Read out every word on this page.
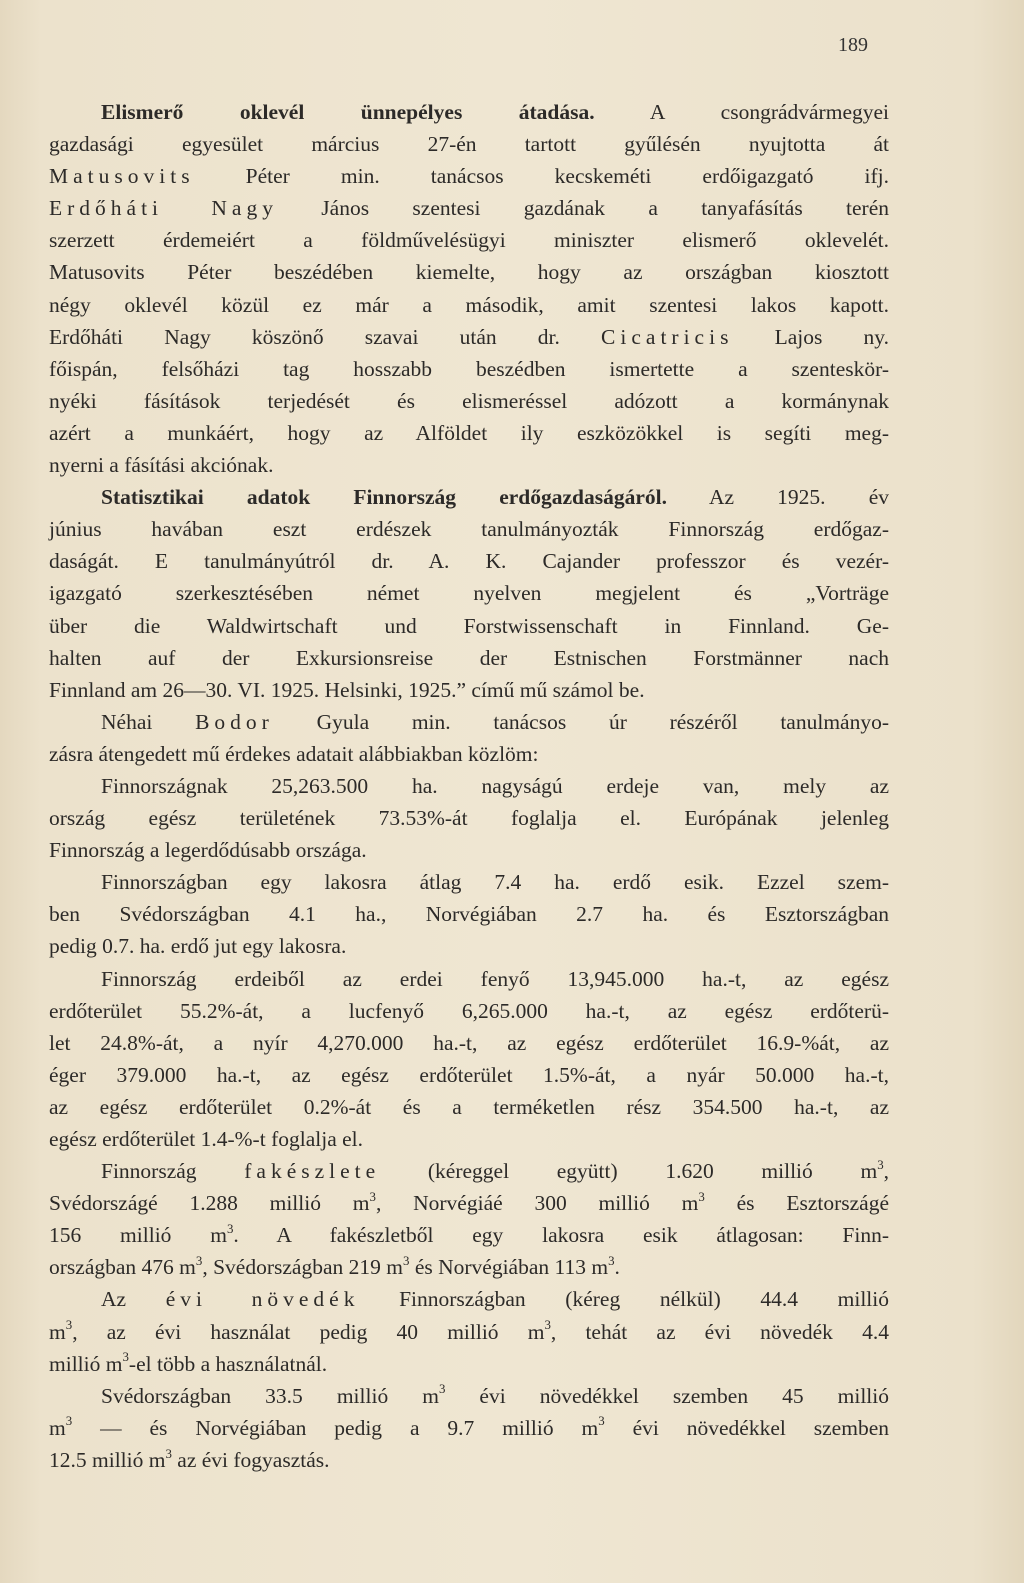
189

Elismerő oklevél ünnepélyes átadása.	A csongrádvármegyei

gazdasági egyesület március 27-én tartott gyűlésén nyujtotta át

Matusovits Péter min. tanácsos kecskeméti erdőigazgató ifj.

Erdőháti Nagy János szentesi gazdának a tanyafásítás terén

szerzett érdemeiért a földművelésügyi miniszter elismerő oklevelét.

Matusovits Péter beszédében kiemelte, hogy az országban kiosztott

négy oklevél közül ez már a második, amit szentesi lakos kapott.

Erdőháti Nagy köszönő szavai után dr. Cicatricis Lajos ny.

főispán, felsőházi tag hosszabb beszédben ismertette a szenteskör-

nyéki fásítások terjedését és elismeréssel adózott a kormánynak

azért a munkáért, hogy az Alföldet ily eszközökkel is segíti meg-

nyerni a fásítási akciónak.

Statisztikai adatok Finnország erdőgazdaságáról. Az 1925. év

június havában eszt erdészek tanulmányozták Finnország erdőgaz-

daságát. E tanulmányútról dr. A. K. Cajander professzor és vezér-

igazgató szerkesztésében német nyelven megjelent és „Vorträge

über die Waldwirtschaft und Forstwissenschaft in Finnland. Ge-

halten auf der Exkursionsreise der Estnischen Forstmänner nach

Finnland am 26—30. VI. 1925. Helsinki, 1925.” című mű számol be.

Néhai Bodor Gyula min. tanácsos úr részéről tanulmányo-

zásra átengedett mű érdekes adatait alábbiakban közlöm:

Finnországnak 25,263.500 ha. nagyságú erdeje van, mely az

ország egész területének 73.53%-át foglalja el. Európának jelenleg

Finnország a legerdődúsabb országa.

Finnországban egy lakosra átlag 7.4 ha. erdő esik. Ezzel szem-

ben Svédországban 4.1 ha., Norvégiában 2.7 ha. és Esztországban

pedig 0.7. ha. erdő jut egy lakosra.

Finnország erdeiből az erdei fenyő 13,945.000 ha.-t, az egész

erdőterület 55.2%-át, a lucfenyő 6,265.000 ha.-t, az egész erdőterü-

let 24.8%-át, a nyír 4,270.000 ha.-t, az egész erdőterület 16.9-%át, az

éger 379.000 ha.-t, az egész erdőterület 1.5%-át, a nyár 50.000 ha.-t,

az egész erdőterület 0.2%-át és a terméketlen rész 354.500 ha.-t, az

egész erdőterület 1.4-%-t foglalja el.

Finnország fakészlete (kéreggel együtt) 1.620 millió $m^3$,

Svédországé 1.288 millió $m^3$, Norvégiáé 300 millió $m^3$ és Esztországé

156 millió $m^3$. A fakészletből egy lakosra esik átlagosan: Finn-

országban 476 $m^3$, Svédországban 219 $m^3$ és Norvégiában 113 $m^3$.

Az évi növedék Finnországban (kéreg nélkül) 44.4 millió

$m^3$, az évi használat pedig 40 millió $m^3$, tehát az évi növedék 4.4

millió $m^3-el$ több a használatnál.

Svédországban 33.5 millió $m^3$ évi növedékkel szemben 45 millió

$m^3$ — és Norvégiában pedig a 9.7 millió $m^3$ évi növedékkel szemben

12.5 millió $m^3$ az évi fogyasztás.
